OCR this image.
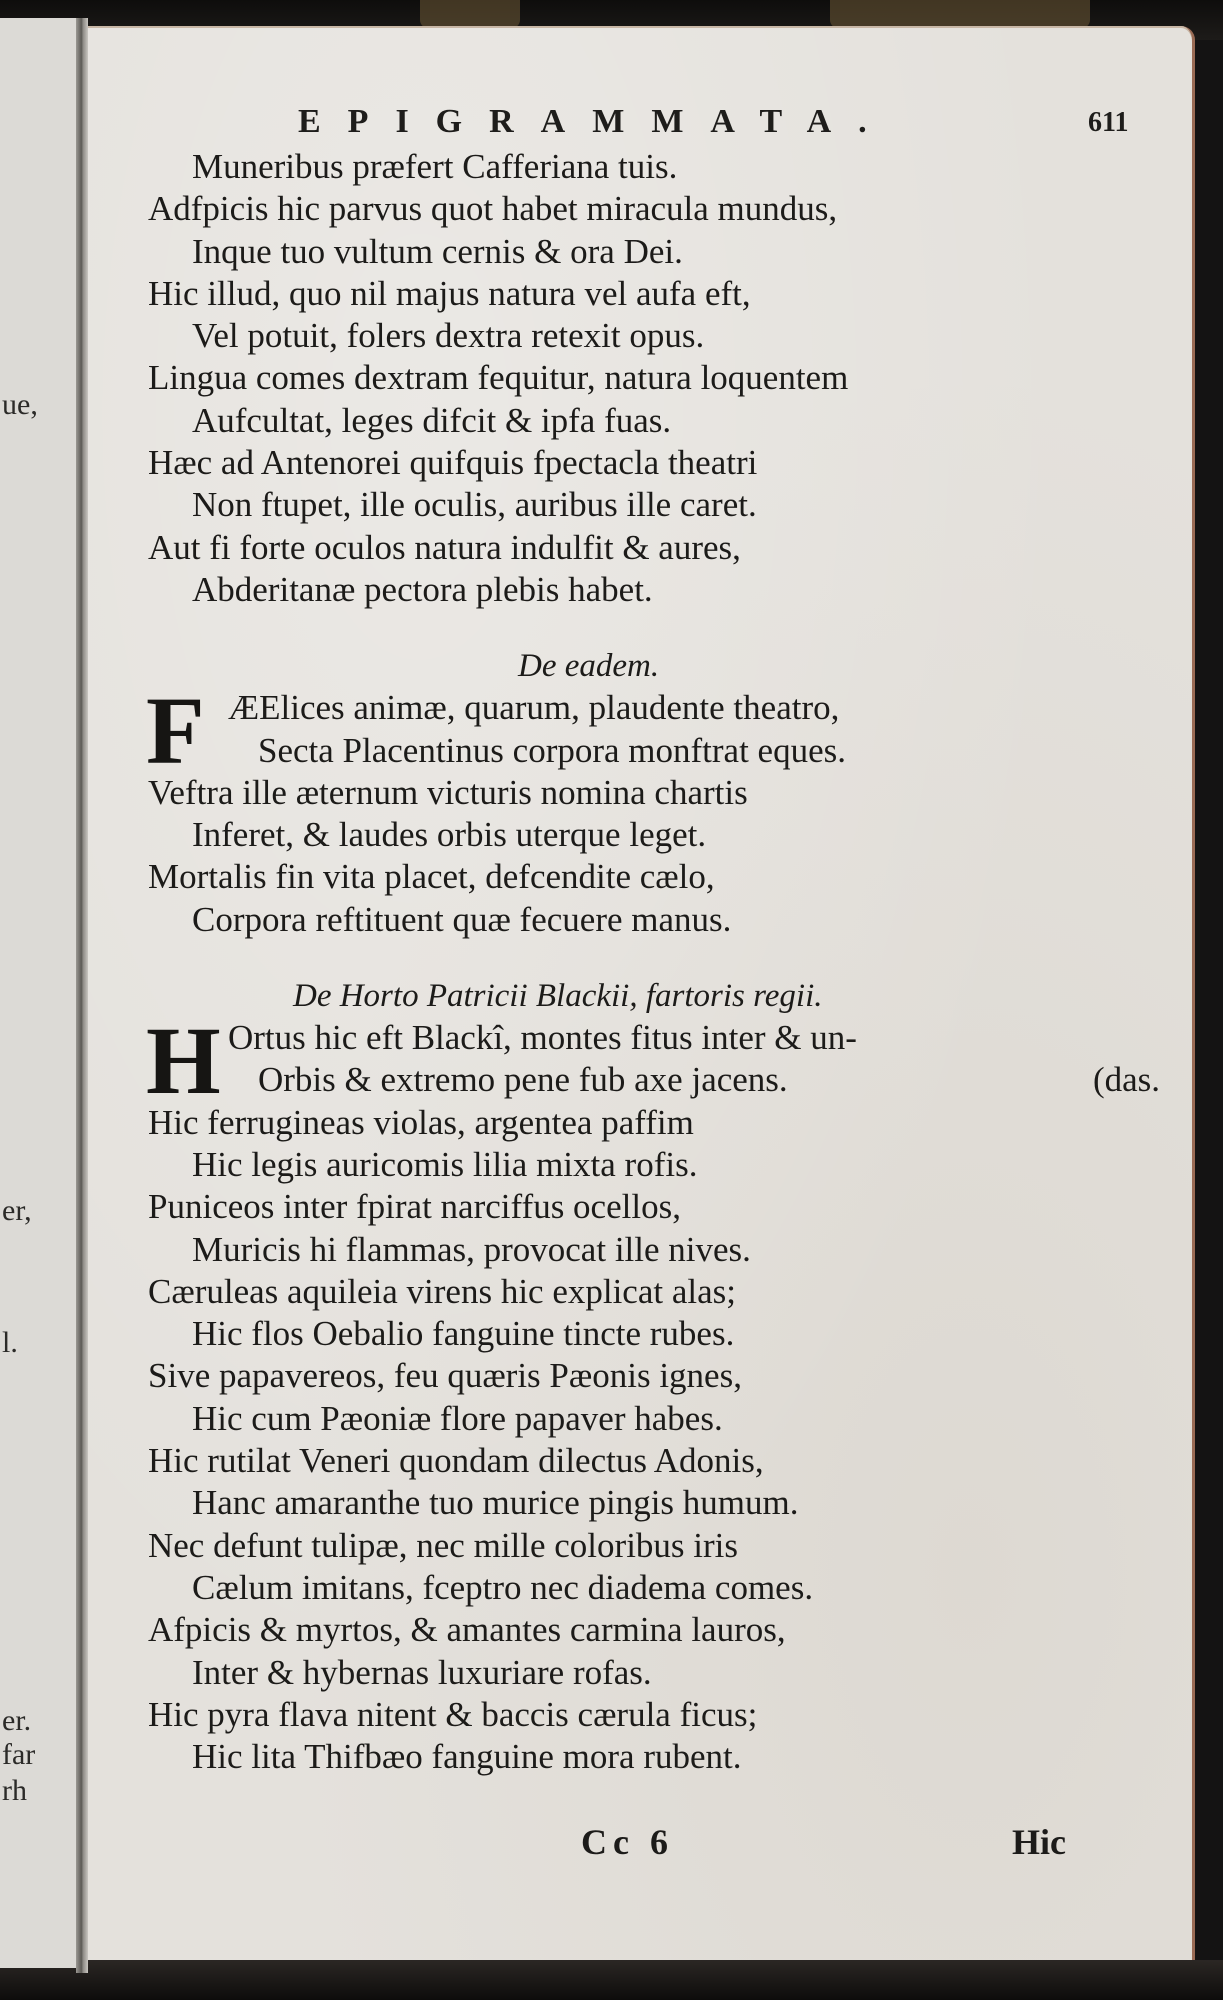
ue,
er,
l.
er.
far
rh
EPIGRAMMATA.	611
Muneribus præfert Cafferiana tuis.
Adfpicis hic parvus quot habet miracula mundus,
Inque tuo vultum cernis & ora Dei.
Hic illud, quo nil majus natura vel aufa eft,
Vel potuit, folers dextra retexit opus.
Lingua comes dextram fequitur, natura loquentem
Aufcultat, leges difcit & ipfa fuas.
Hæc ad Antenorei quifquis fpectacla theatri
Non ftupet, ille oculis, auribus ille caret.
Aut fi forte oculos natura indulfit & aures,
Abderitanæ pectora plebis habet.
De eadem.
F ÆElices animæ, quarum, plaudente theatro,
Secta Placentinus corpora monftrat eques.
Veftra ille æternum victuris nomina chartis
Inferet, & laudes orbis uterque leget.
Mortalis fin vita placet, defcendite cælo,
Corpora reftituent quæ fecuere manus.
De Horto Patricii Blackii, fartoris regii.
H Ortus hic eft Blackî, montes fitus inter & un-
Orbis & extremo pene fub axe jacens.	(das.
Hic ferrugineas violas, argentea paffim
Hic legis auricomis lilia mixta rofis.
Puniceos inter fpirat narciffus ocellos,
Muricis hi flammas, provocat ille nives.
Cæruleas aquileia virens hic explicat alas;
Hic flos Oebalio fanguine tincte rubes.
Sive papavereos, feu quæris Pæonis ignes,
Hic cum Pæoniæ flore papaver habes.
Hic rutilat Veneri quondam dilectus Adonis,
Hanc amaranthe tuo murice pingis humum.
Nec defunt tulipæ, nec mille coloribus iris
Cælum imitans, fceptro nec diadema comes.
Afpicis & myrtos, & amantes carmina lauros,
Inter & hybernas luxuriare rofas.
Hic pyra flava nitent & baccis cærula ficus;
Hic lita Thifbæo fanguine mora rubent.
Cc 6	Hic
